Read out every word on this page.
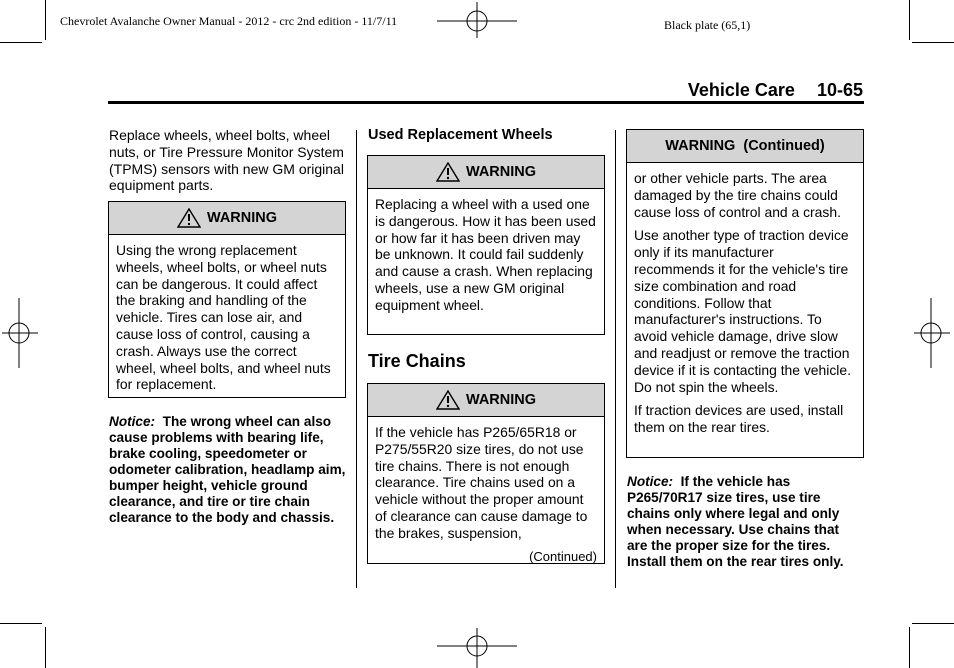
Chevrolet Avalanche Owner Manual - 2012 - crc 2nd edition - 11/7/11	Black plate (65,1)
Vehicle Care 10-65
Replace wheels, wheel bolts, wheel nuts, or Tire Pressure Monitor System (TPMS) sensors with new GM original equipment parts.
WARNING

Using the wrong replacement wheels, wheel bolts, or wheel nuts can be dangerous. It could affect the braking and handling of the vehicle. Tires can lose air, and cause loss of control, causing a crash. Always use the correct wheel, wheel bolts, and wheel nuts for replacement.

Notice: The wrong wheel can also cause problems with bearing life, brake cooling, speedometer or odometer calibration, headlamp aim, bumper height, vehicle ground clearance, and tire or tire chain clearance to the body and chassis.
Used Replacement Wheels
WARNING

Replacing a wheel with a used one is dangerous. How it has been used or how far it has been driven may be unknown. It could fail suddenly and cause a crash. When replacing wheels, use a new GM original equipment wheel.

Tire Chains
WARNING

If the vehicle has P265/65R18 or P275/55R20 size tires, do not use tire chains. There is not enough clearance. Tire chains used on a vehicle without the proper amount of clearance can cause damage to the brakes, suspension,

(Continued)
WARNING  (Continued)

or other vehicle parts. The area damaged by the tire chains could cause loss of control and a crash.

Use another type of traction device only if its manufacturer recommends it for the vehicle's tire size combination and road conditions. Follow that manufacturer's instructions. To avoid vehicle damage, drive slow and readjust or remove the traction device if it is contacting the vehicle. Do not spin the wheels.

If traction devices are used, install them on the rear tires.

Notice: If the vehicle has P265/70R17 size tires, use tire chains only where legal and only when necessary. Use chains that are the proper size for the tires. Install them on the rear tires only.
